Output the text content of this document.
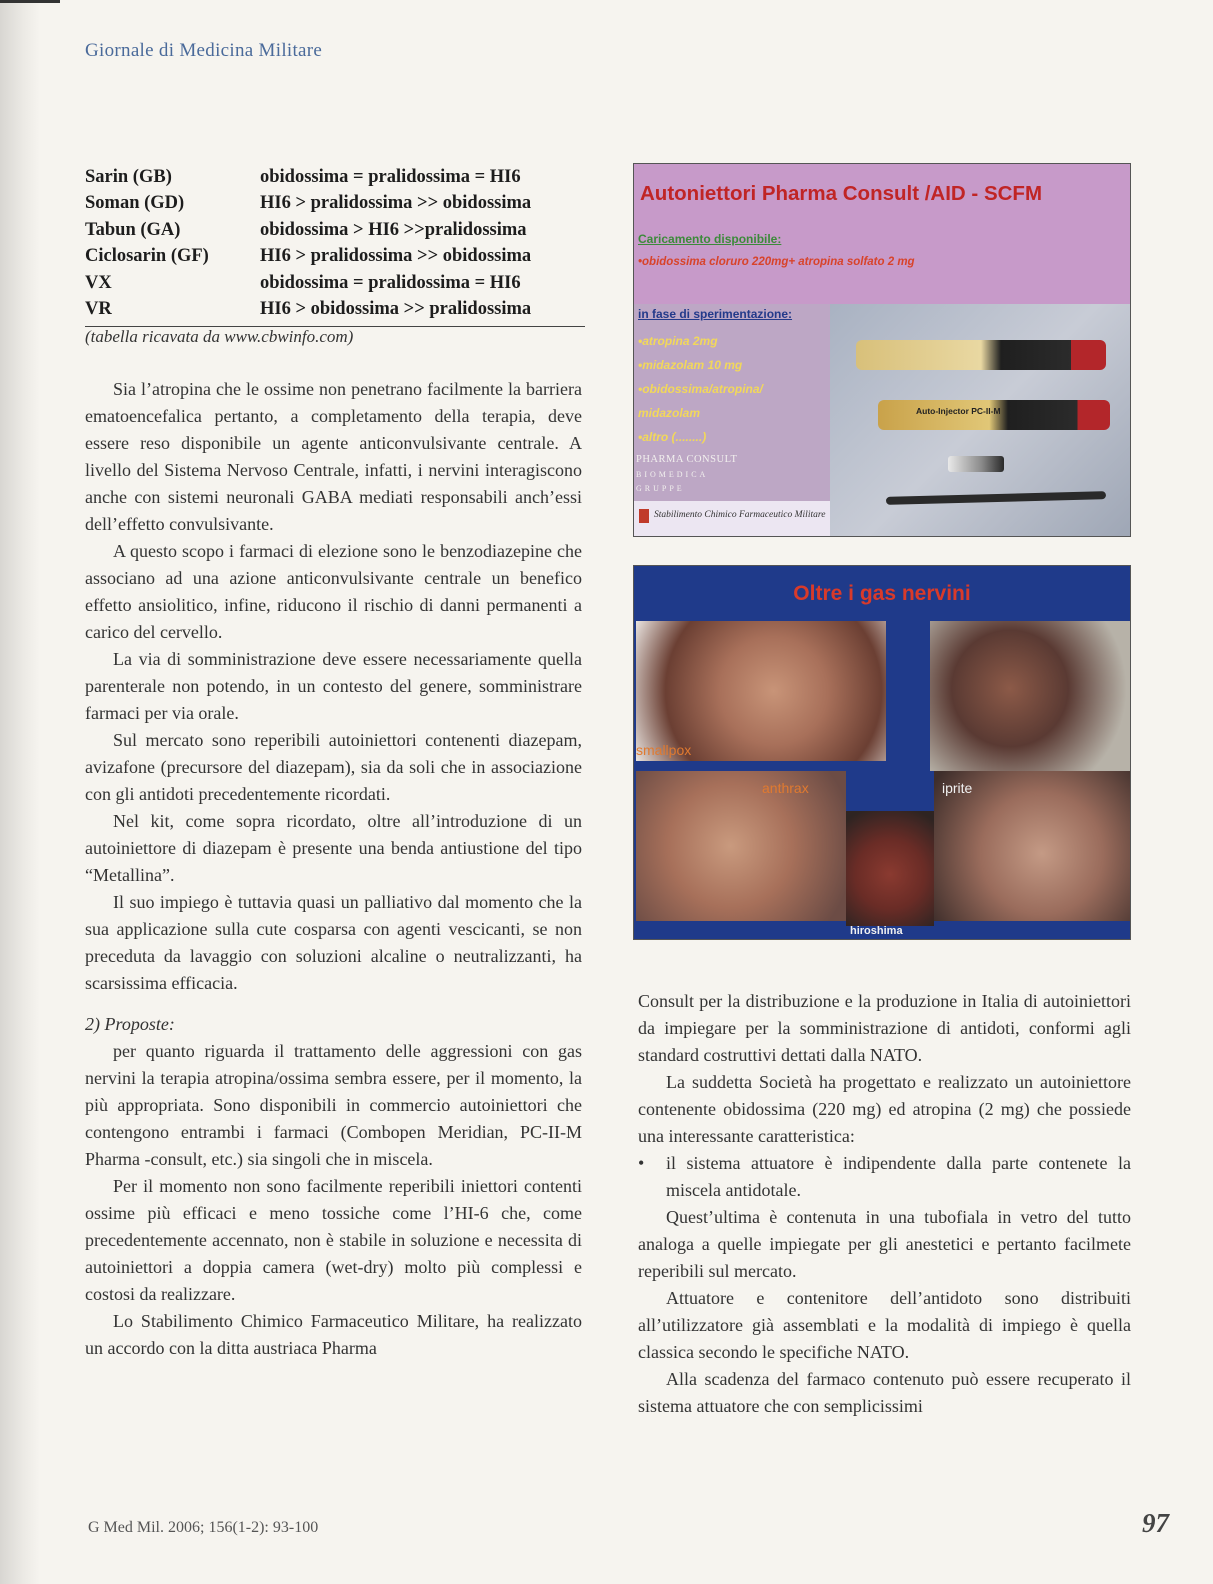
Giornale di Medicina Militare
Sarin (GB)	obidossima = pralidossima = HI6
Soman (GD)	HI6 > pralidossima >> obidossima
Tabun (GA)	obidossima > HI6 >>pralidossima
Ciclosarin (GF)	HI6 > pralidossima >> obidossima
VX	obidossima = pralidossima = HI6
VR	HI6 > obidossima >> pralidossima
(tabella ricavata da www.cbwinfo.com)

Sia l’atropina che le ossime non penetrano facilmente la barriera ematoencefalica pertanto, a completamento della terapia, deve essere reso disponibile un agente anticonvulsivante centrale. A livello del Sistema Nervoso Centrale, infatti, i nervini interagiscono anche con sistemi neuronali GABA mediati responsabili anch’essi dell’effetto convulsivante.

A questo scopo i farmaci di elezione sono le benzodiazepine che associano ad una azione anticonvulsivante centrale un benefico effetto ansiolitico, infine, riducono il rischio di danni permanenti a carico del cervello.

La via di somministrazione deve essere necessariamente quella parenterale non potendo, in un contesto del genere, somministrare farmaci per via orale.

Sul mercato sono reperibili autoiniettori contenenti diazepam, avizafone (precursore del diazepam), sia da soli che in associazione con gli antidoti precedentemente ricordati.

Nel kit, come sopra ricordato, oltre all’introduzione di un autoiniettore di diazepam è presente una benda antiustione del tipo “Metallina”.

Il suo impiego è tuttavia quasi un palliativo dal momento che la sua applicazione sulla cute cosparsa con agenti vescicanti, se non preceduta da lavaggio con soluzioni alcaline o neutralizzanti, ha scarsissima efficacia.

2) Proposte:

per quanto riguarda il trattamento delle aggressioni con gas nervini la terapia atropina/ossima sembra essere, per il momento, la più appropriata. Sono disponibili in commercio autoiniettori che contengono entrambi i farmaci (Combopen Meridian, PC-II-M Pharma -consult, etc.) sia singoli che in miscela.

Per il momento non sono facilmente reperibili iniettori contenti ossime più efficaci e meno tossiche come l’HI-6 che, come precedentemente accennato, non è stabile in soluzione e necessita di autoiniettori a doppia camera (wet-dry) molto più complessi e costosi da realizzare.

Lo Stabilimento Chimico Farmaceutico Militare, ha realizzato un accordo con la ditta austriaca Pharma

Autoniettori Pharma Consult /AID - SCFM
Caricamento disponibile:
•obidossima cloruro 220mg+ atropina solfato 2 mg
Auto-Injector PC-II-M
in fase di sperimentazione:
•atropina 2mg
•midazolam 10 mg
•obidossima/atropina/
midazolam
•altro (........)
PHARMA CONSULT
BIOMEDICA
GRUPPE
Stabilimento Chimico Farmaceutico Militare
Oltre i gas nervini
smallpox
anthrax	iprite
hiroshima

Consult per la distribuzione e la produzione in Italia di autoiniettori da impiegare per la somministrazione di antidoti, conformi agli standard costruttivi dettati dalla NATO.

La suddetta Società ha progettato e realizzato un autoiniettore contenente obidossima (220 mg) ed atropina (2 mg) che possiede una interessante caratteristica:

•	il sistema attuatore è indipendente dalla parte contenete la miscela antidotale.

Quest’ultima è contenuta in una tubofiala in vetro del tutto analoga a quelle impiegate per gli anestetici e pertanto facilmete reperibili sul mercato.

Attuatore e contenitore dell’antidoto sono distribuiti all’utilizzatore già assemblati e la modalità di impiego è quella classica secondo le specifiche NATO.

Alla scadenza del farmaco contenuto può essere recuperato il sistema attuatore che con semplicissimi

G Med Mil. 2006; 156(1-2): 93-100	97
